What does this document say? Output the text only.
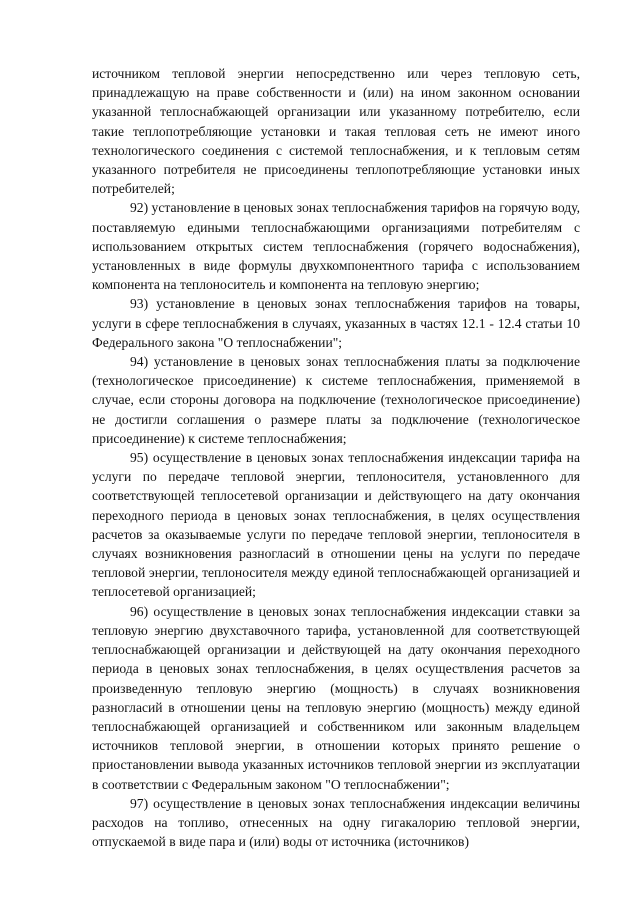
источником тепловой энергии непосредственно или через тепловую сеть, принадлежащую на праве собственности и (или) на ином законном основании указанной теплоснабжающей организации или указанному потребителю, если такие теплопотребляющие установки и такая тепловая сеть не имеют иного технологического соединения с системой теплоснабжения, и к тепловым сетям указанного потребителя не присоединены теплопотребляющие установки иных потребителей;

92) установление в ценовых зонах теплоснабжения тарифов на горячую воду, поставляемую едиными теплоснабжающими организациями потребителям с использованием открытых систем теплоснабжения (горячего водоснабжения), установленных в виде формулы двухкомпонентного тарифа с использованием компонента на теплоноситель и компонента на тепловую энергию;

93) установление в ценовых зонах теплоснабжения тарифов на товары, услуги в сфере теплоснабжения в случаях, указанных в частях 12.1 - 12.4 статьи 10 Федерального закона "О теплоснабжении";

94) установление в ценовых зонах теплоснабжения платы за подключение (технологическое присоединение) к системе теплоснабжения, применяемой в случае, если стороны договора на подключение (технологическое присоединение) не достигли соглашения о размере платы за подключение (технологическое присоединение) к системе теплоснабжения;

95) осуществление в ценовых зонах теплоснабжения индексации тарифа на услуги по передаче тепловой энергии, теплоносителя, установленного для соответствующей теплосетевой организации и действующего на дату окончания переходного периода в ценовых зонах теплоснабжения, в целях осуществления расчетов за оказываемые услуги по передаче тепловой энергии, теплоносителя в случаях возникновения разногласий в отношении цены на услуги по передаче тепловой энергии, теплоносителя между единой теплоснабжающей организацией и теплосетевой организацией;

96) осуществление в ценовых зонах теплоснабжения индексации ставки за тепловую энергию двухставочного тарифа, установленной для соответствующей теплоснабжающей организации и действующей на дату окончания переходного периода в ценовых зонах теплоснабжения, в целях осуществления расчетов за произведенную тепловую энергию (мощность) в случаях возникновения разногласий в отношении цены на тепловую энергию (мощность) между единой теплоснабжающей организацией и собственником или законным владельцем источников тепловой энергии, в отношении которых принято решение о приостановлении вывода указанных источников тепловой энергии из эксплуатации в соответствии с Федеральным законом "О теплоснабжении";

97) осуществление в ценовых зонах теплоснабжения индексации величины расходов на топливо, отнесенных на одну гигакалорию тепловой энергии, отпускаемой в виде пара и (или) воды от источника (источников)
